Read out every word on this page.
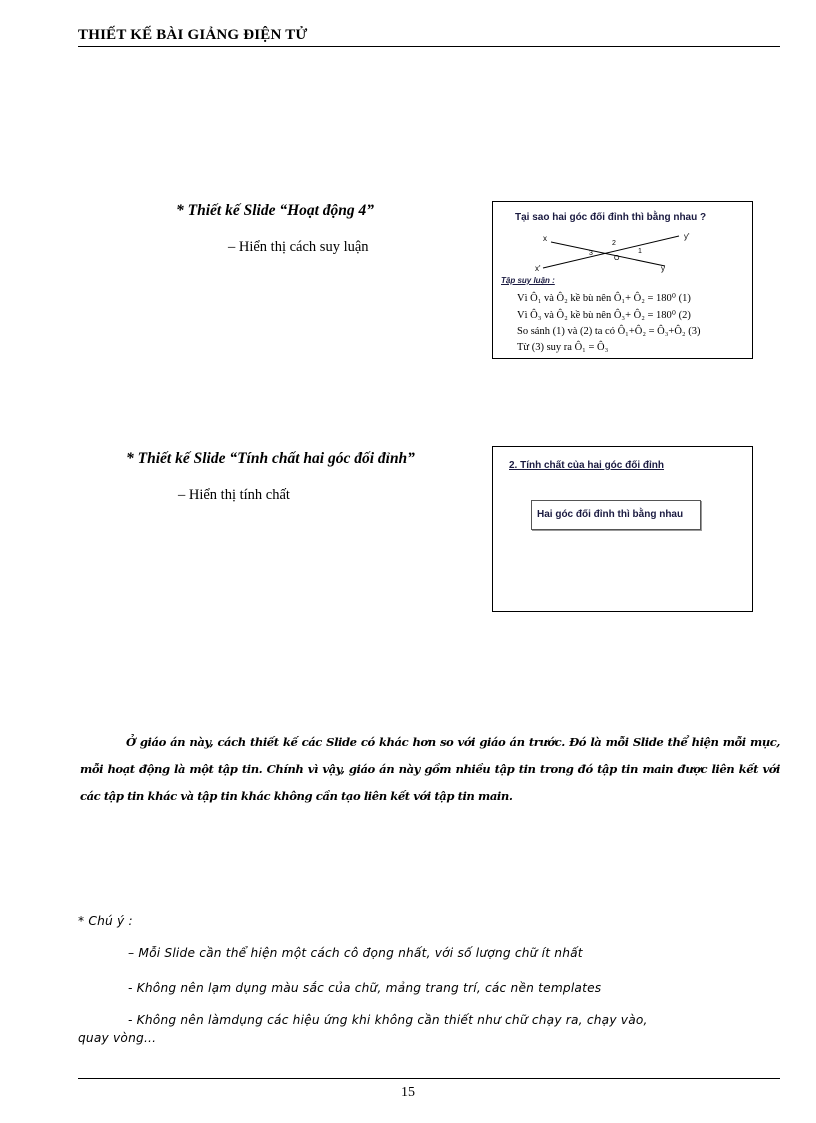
THIẾT KẾ BÀI GIẢNG ĐIỆN TỬ
* Thiết kế Slide “Hoạt động 4”
– Hiển thị cách suy luận
Tại sao hai góc đối đỉnh thì bằng nhau ?
x	y'
x'	y
1
2
3
O
Tập suy luận :
Vì Ô₁ và Ô₂ kề bù nên Ô₁+ Ô₂ = 180⁰ (1)
Vì Ô₃ và Ô₂ kề bù nên Ô₃+ Ô₂ = 180⁰ (2)
So sánh (1) và (2) ta có Ô₁+Ô₂ = Ô₃+Ô₂ (3)
Từ (3) suy ra Ô₁ = Ô₃
* Thiết kế Slide “Tính chất hai góc đối đỉnh”
– Hiển thị tính chất
2. Tính chất của hai góc đối đỉnh
Hai góc đối đỉnh thì bằng nhau
Ở giáo án này, cách thiết kế các Slide có khác hơn so với giáo án trước. Đó là mỗi Slide thể hiện mỗi mục, mỗi hoạt động là một tập tin. Chính vì vậy, giáo án này gồm nhiều tập tin trong đó tập tin main được liên kết với các tập tin khác và tập tin khác không cần tạo liên kết với tập tin main.
* Chú ý :
– Mỗi Slide cần thể hiện một cách cô đọng nhất, với số lượng chữ ít nhất
- Không nên lạm dụng màu sắc của chữ, mảng trang trí, các nền templates
- Không nên làmdụng các hiệu ứng khi không cần thiết như chữ chạy ra, chạy vào,
quay vòng...
15
